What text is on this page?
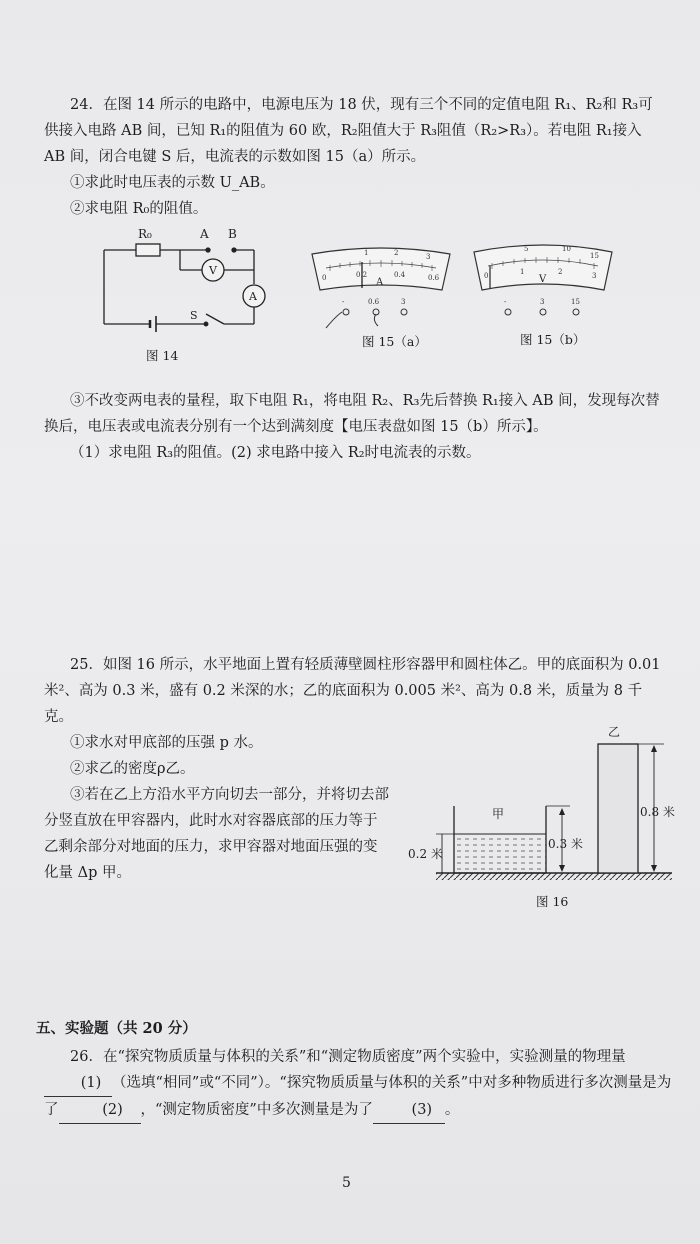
24．在图 14 所示的电路中，电源电压为 18 伏，现有三个不同的定值电阻 R₁、R₂和 R₃可供接入电路 AB 间，已知 R₁的阻值为 60 欧，R₂阻值大于 R₃阻值（R₂>R₃）。若电阻 R₁接入 AB 间，闭合电键 S 后，电流表的示数如图 15（a）所示。
①求此时电压表的示数 U_AB。
②求电阻 R₀的阻值。
R₀	A B
V
A
S
图 14
1	2	3
0	0.2	0.4	0.6
A
-	0.6	3
图 15（a）
5	10
15
0	1	2	3
V
-	3	15
图 15（b）
③不改变两电表的量程，取下电阻 R₁，将电阻 R₂、R₃先后替换 R₁接入 AB 间，发现每次替换后，电压表或电流表分别有一个达到满刻度【电压表盘如图 15（b）所示】。
（1）求电阻 R₃的阻值。(2) 求电路中接入 R₂时电流表的示数。
25．如图 16 所示，水平地面上置有轻质薄壁圆柱形容器甲和圆柱体乙。甲的底面积为 0.01 米²、高为 0.3 米，盛有 0.2 米深的水；乙的底面积为 0.005 米²、高为 0.8 米，质量为 8 千克。
①求水对甲底部的压强 p 水。
②求乙的密度ρ乙。
③若在乙上方沿水平方向切去一部分，并将切去部分竖直放在甲容器内，此时水对容器底部的压力等于乙剩余部分对地面的压力，求甲容器对地面压强的变化量 Δp 甲。
甲
乙
0.2 米
0.3 米
0.8 米
图 16
五、实验题（共 20 分）
26．在“探究物质质量与体积的关系”和“测定物质密度”两个实验中，实验测量的物理量(1) （选填“相同”或“不同”）。“探究物质质量与体积的关系”中对多种物质进行多次测量是为了	(2) ，“测定物质密度”中多次测量是为了	(3) 。
5
